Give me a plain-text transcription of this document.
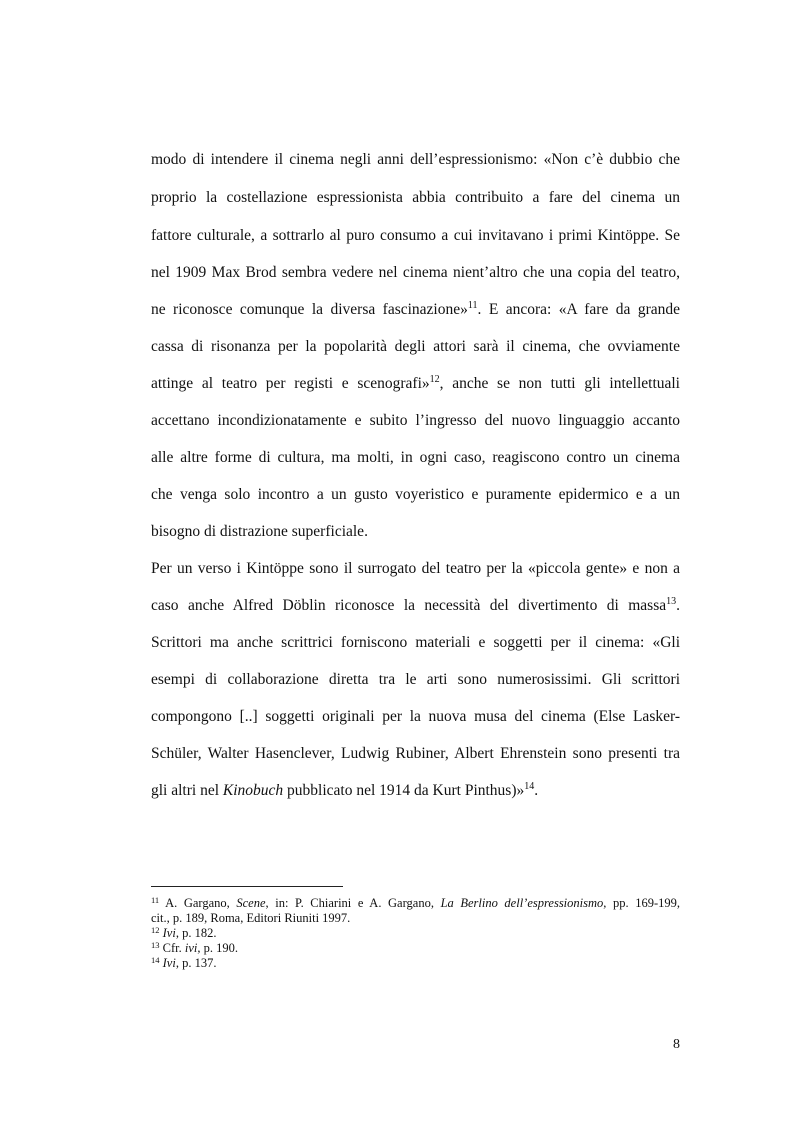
modo di intendere il cinema negli anni dell’espressionismo: «Non c’è dubbio che
proprio la costellazione espressionista abbia contribuito a fare del cinema un
fattore culturale, a sottrarlo al puro consumo a cui invitavano i primi Kintöppe. Se
nel 1909 Max Brod sembra vedere nel cinema nient’altro che una copia del teatro,
ne riconosce comunque la diversa fascinazione»$^{11}$. E ancora: «A fare da grande
cassa di risonanza per la popolarità degli attori sarà il cinema, che ovviamente
attinge al teatro per registi e scenografi»$^{12}$, anche se non tutti gli intellettuali
accettano incondizionatamente e subito l’ingresso del nuovo linguaggio accanto
alle altre forme di cultura, ma molti, in ogni caso, reagiscono contro un cinema
che venga solo incontro a un gusto voyeristico e puramente epidermico e a un
bisogno di distrazione superficiale.
Per un verso i Kintöppe sono il surrogato del teatro per la «piccola gente» e non a
caso anche Alfred Döblin riconosce la necessità del divertimento di massa$^{13}$.
Scrittori ma anche scrittrici forniscono materiali e soggetti per il cinema: «Gli
esempi di collaborazione diretta tra le arti sono numerosissimi. Gli scrittori
compongono [..] soggetti originali per la nuova musa del cinema (Else Lasker-
Schüler, Walter Hasenclever, Ludwig Rubiner, Albert Ehrenstein sono presenti tra
gli altri nel Kinobuch pubblicato nel 1914 da Kurt Pinthus)»$^{14}$.
$^{11}$ A. Gargano, Scene, in: P. Chiarini e A. Gargano, La Berlino dell’espressionismo, pp. 169-199,
cit., p. 189, Roma, Editori Riuniti 1997.
$^{12}$ Ivi, p. 182.
$^{13}$ Cfr. ivi, p. 190.
$^{14}$ Ivi, p. 137.
8
